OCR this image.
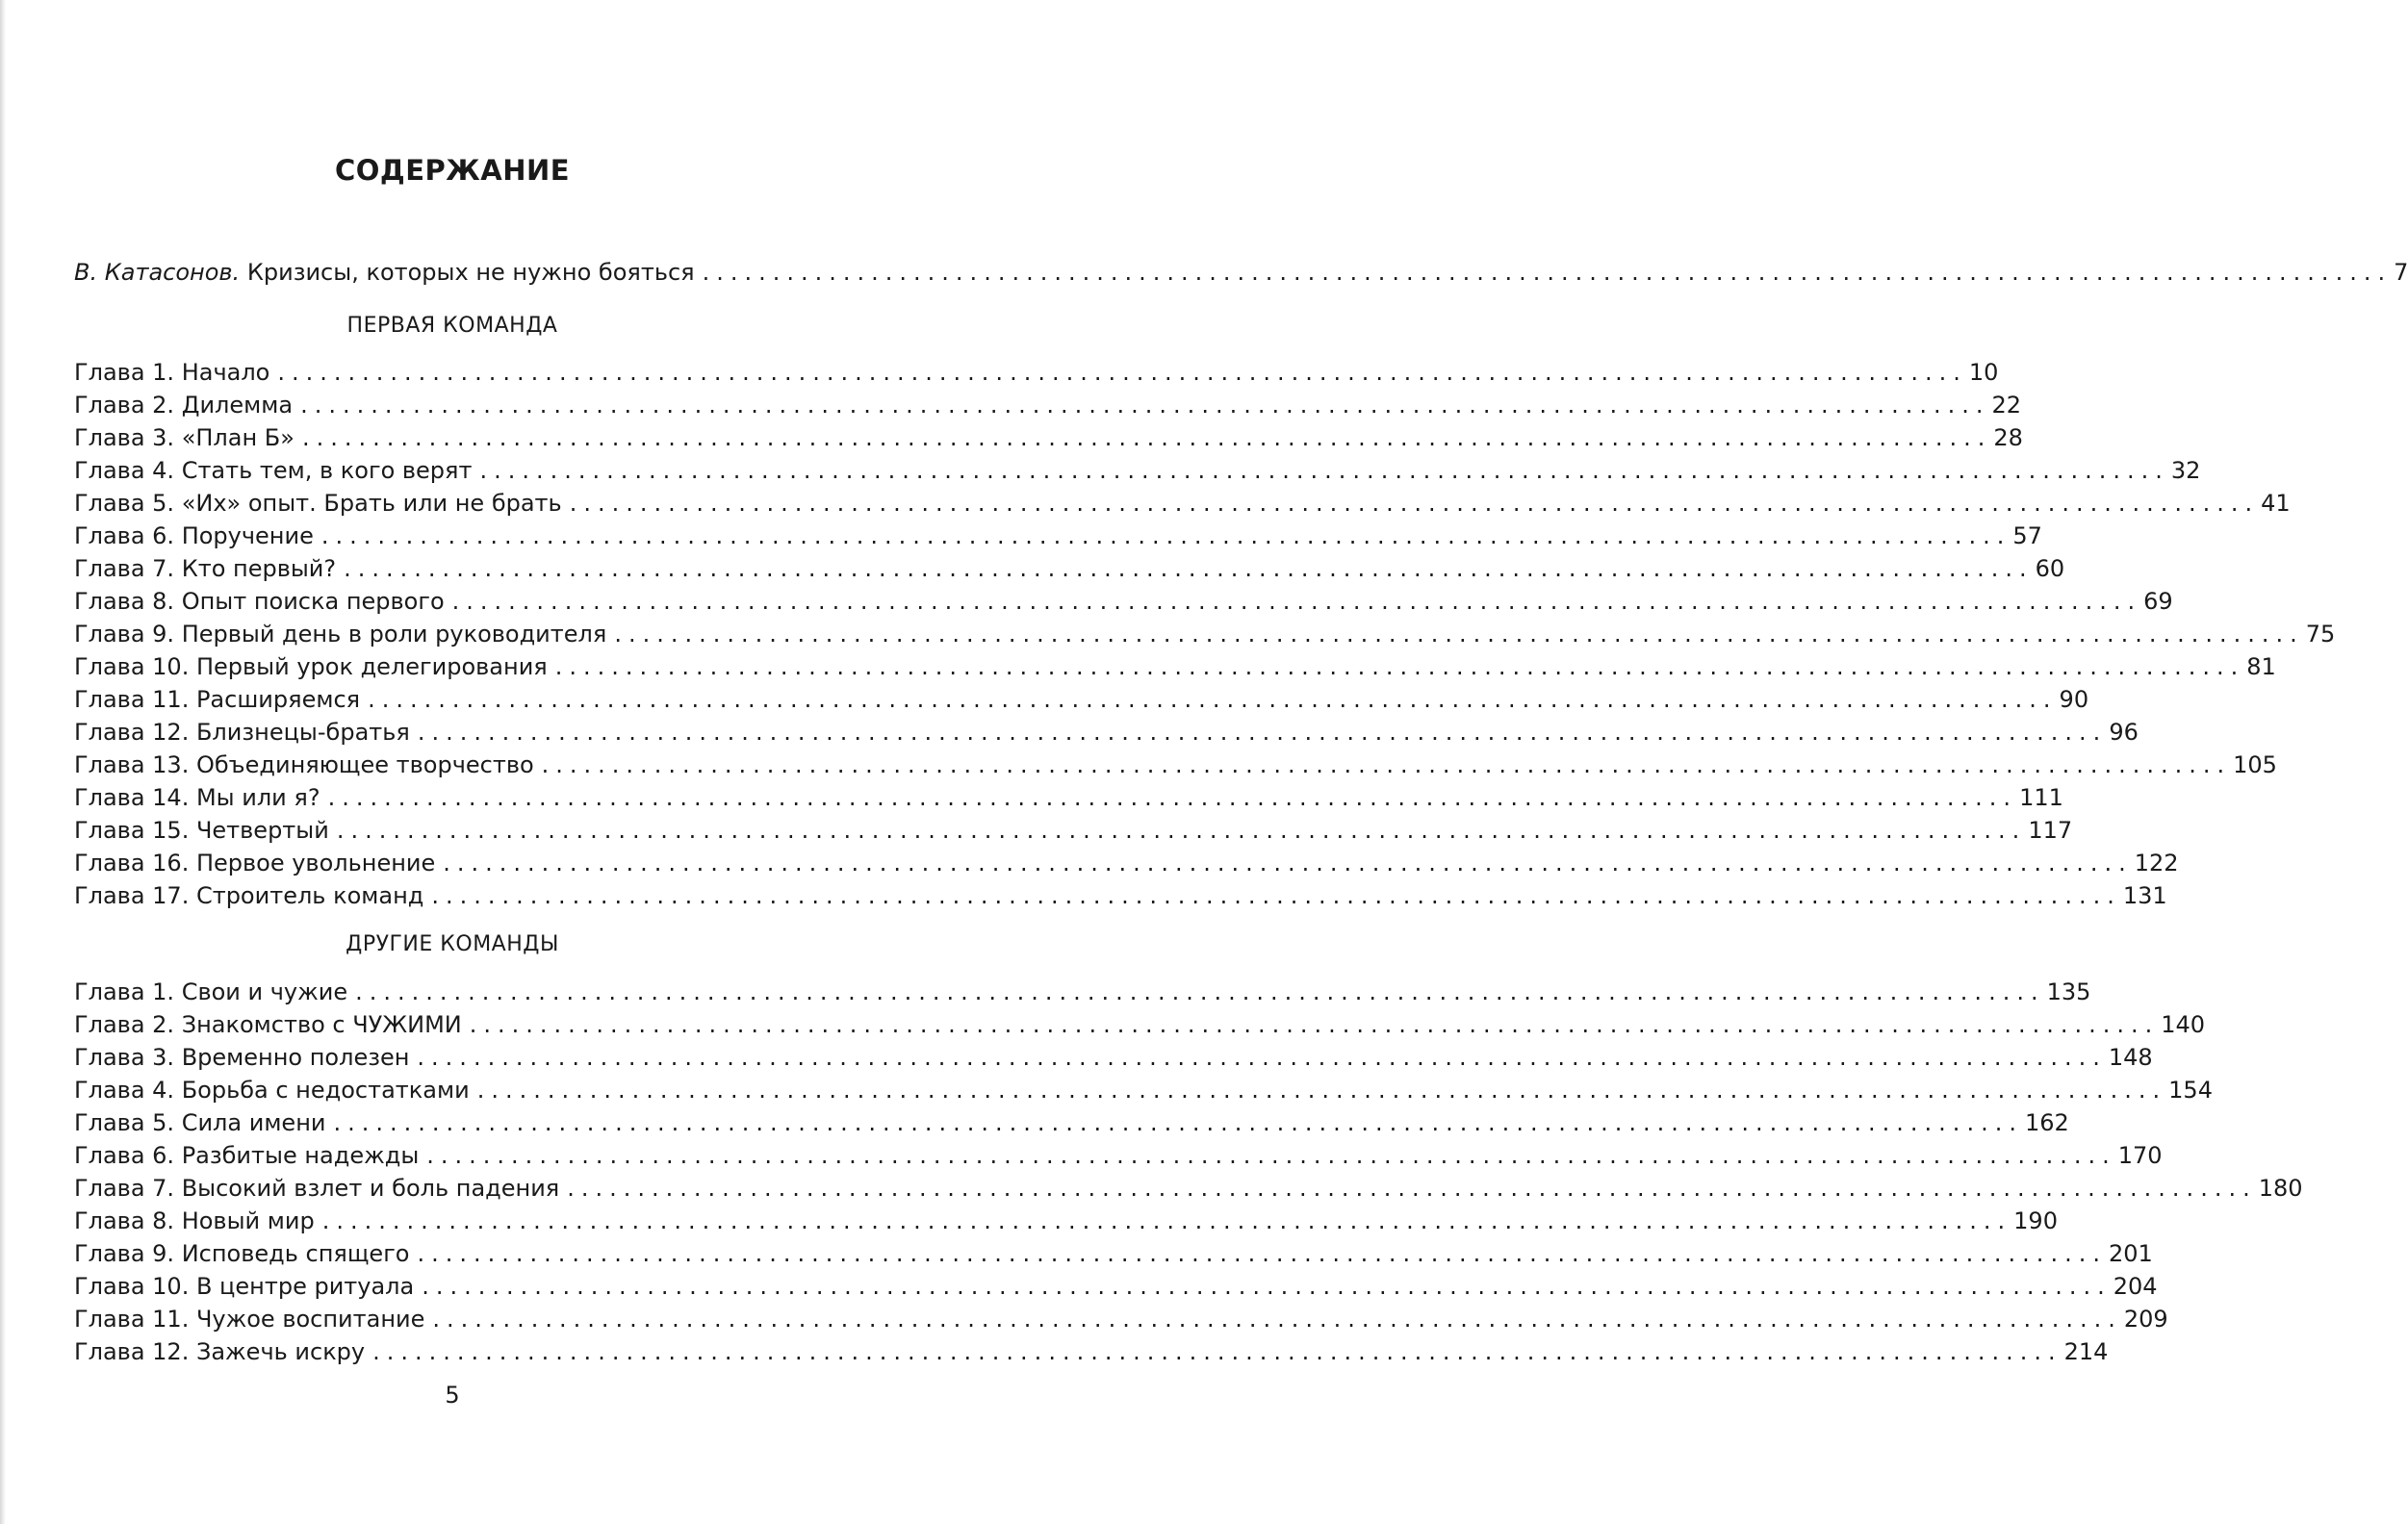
СОДЕРЖАНИЕ
В. Катасонов. Кризисы, которых не нужно бояться ........................................................................................................................ 7
ПЕРВАЯ КОМАНДА
Глава 1. Начало ........................................................................................................................ 10
Глава 2. Дилемма ........................................................................................................................ 22
Глава 3. «План Б» ........................................................................................................................ 28
Глава 4. Стать тем, в кого верят ........................................................................................................................ 32
Глава 5. «Их» опыт. Брать или не брать ........................................................................................................................ 41
Глава 6. Поручение ........................................................................................................................ 57
Глава 7. Кто первый? ........................................................................................................................ 60
Глава 8. Опыт поиска первого ........................................................................................................................ 69
Глава 9. Первый день в роли руководителя ........................................................................................................................ 75
Глава 10. Первый урок делегирования ........................................................................................................................ 81
Глава 11. Расширяемся ........................................................................................................................ 90
Глава 12. Близнецы-братья ........................................................................................................................ 96
Глава 13. Объединяющее творчество ........................................................................................................................ 105
Глава 14. Мы или я? ........................................................................................................................ 111
Глава 15. Четвертый ........................................................................................................................ 117
Глава 16. Первое увольнение ........................................................................................................................ 122
Глава 17. Строитель команд ........................................................................................................................ 131
ДРУГИЕ КОМАНДЫ
Глава 1. Свои и чужие ........................................................................................................................ 135
Глава 2. Знакомство с ЧУЖИМИ ........................................................................................................................ 140
Глава 3. Временно полезен ........................................................................................................................ 148
Глава 4. Борьба с недостатками ........................................................................................................................ 154
Глава 5. Сила имени ........................................................................................................................ 162
Глава 6. Разбитые надежды ........................................................................................................................ 170
Глава 7. Высокий взлет и боль падения ........................................................................................................................ 180
Глава 8. Новый мир ........................................................................................................................ 190
Глава 9. Исповедь спящего ........................................................................................................................ 201
Глава 10. В центре ритуала ........................................................................................................................ 204
Глава 11. Чужое воспитание ........................................................................................................................ 209
Глава 12. Зажечь искру ........................................................................................................................ 214
5
